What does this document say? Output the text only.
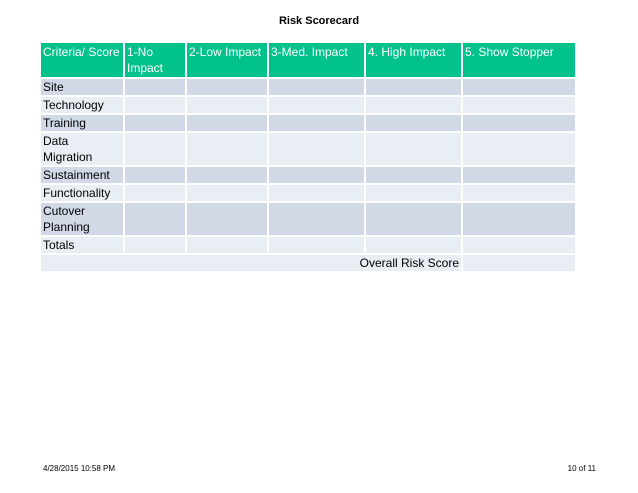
Risk Scorecard
Criteria/ Score	1-No Impact	2-Low Impact	3-Med. Impact	4. High Impact	5. Show Stopper
Site					
Technology					
Training					
Data Migration					
Sustainment					
Functionality					
Cutover Planning					
Totals					
Overall Risk Score					
4/28/2015 10:58 PM	10 of 11
